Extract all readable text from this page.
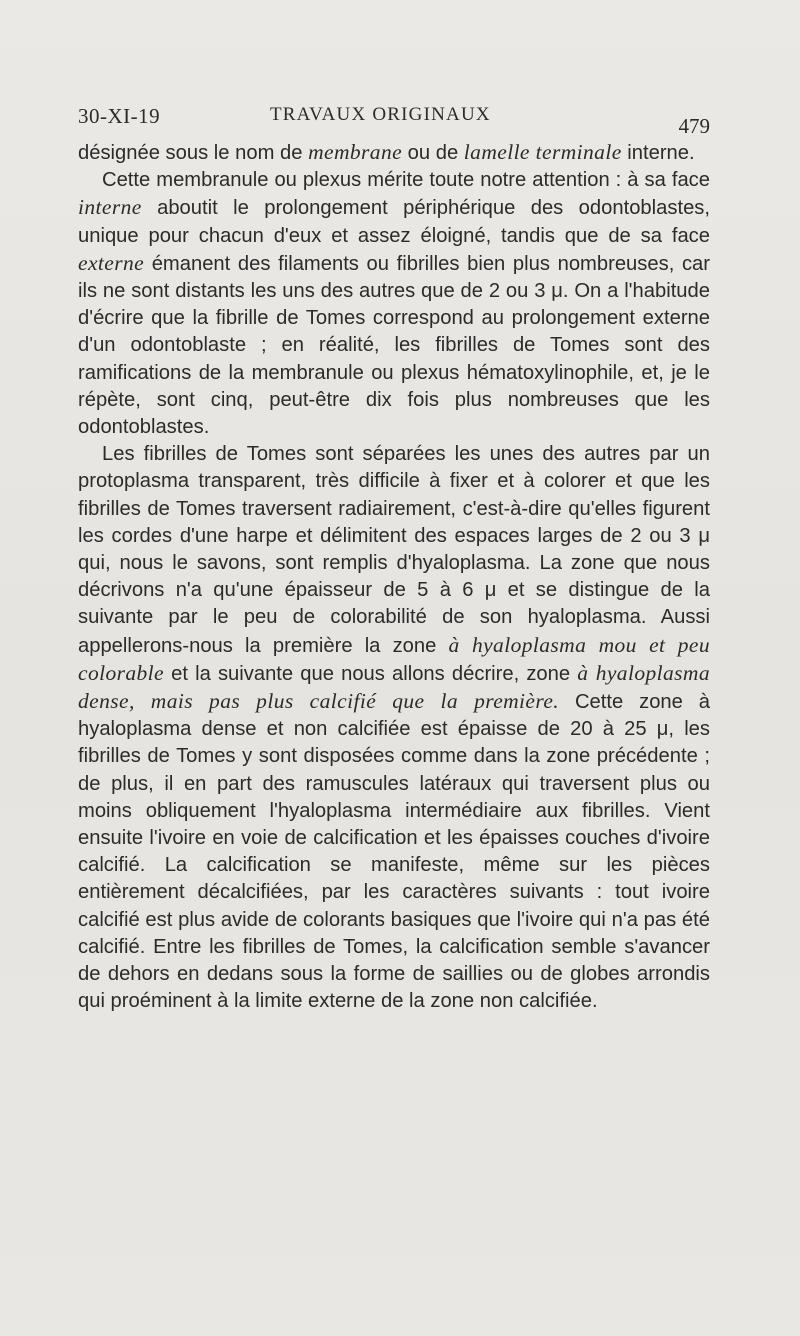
30-XI-19	TRAVAUX ORIGINAUX	479

désignée sous le nom de membrane ou de lamelle terminale interne.

Cette membranule ou plexus mérite toute notre attention : à sa face interne aboutit le prolongement périphérique des odontoblastes, unique pour chacun d'eux et assez éloigné, tandis que de sa face externe émanent des filaments ou fibrilles bien plus nombreuses, car ils ne sont distants les uns des autres que de 2 ou 3 μ. On a l'habitude d'écrire que la fibrille de Tomes correspond au prolongement externe d'un odontoblaste ; en réalité, les fibrilles de Tomes sont des ramifications de la membranule ou plexus hématoxylinophile, et, je le répète, sont cinq, peut-être dix fois plus nombreuses que les odontoblastes.

Les fibrilles de Tomes sont séparées les unes des autres par un protoplasma transparent, très difficile à fixer et à colorer et que les fibrilles de Tomes traversent radiairement, c'est-à-dire qu'elles figurent les cordes d'une harpe et délimitent des espaces larges de 2 ou 3 μ qui, nous le savons, sont remplis d'hyaloplasma. La zone que nous décrivons n'a qu'une épaisseur de 5 à 6 μ et se distingue de la suivante par le peu de colorabilité de son hyaloplasma. Aussi appellerons-nous la première la zone à hyaloplasma mou et peu colorable et la suivante que nous allons décrire, zone à hyaloplasma dense, mais pas plus calcifié que la première. Cette zone à hyaloplasma dense et non calcifiée est épaisse de 20 à 25 μ, les fibrilles de Tomes y sont disposées comme dans la zone précédente ; de plus, il en part des ramuscules latéraux qui traversent plus ou moins obliquement l'hyaloplasma intermédiaire aux fibrilles. Vient ensuite l'ivoire en voie de calcification et les épaisses couches d'ivoire calcifié. La calcification se manifeste, même sur les pièces entièrement décalcifiées, par les caractères suivants : tout ivoire calcifié est plus avide de colorants basiques que l'ivoire qui n'a pas été calcifié. Entre les fibrilles de Tomes, la calcification semble s'avancer de dehors en dedans sous la forme de saillies ou de globes arrondis qui proéminent à la limite externe de la zone non calcifiée.
